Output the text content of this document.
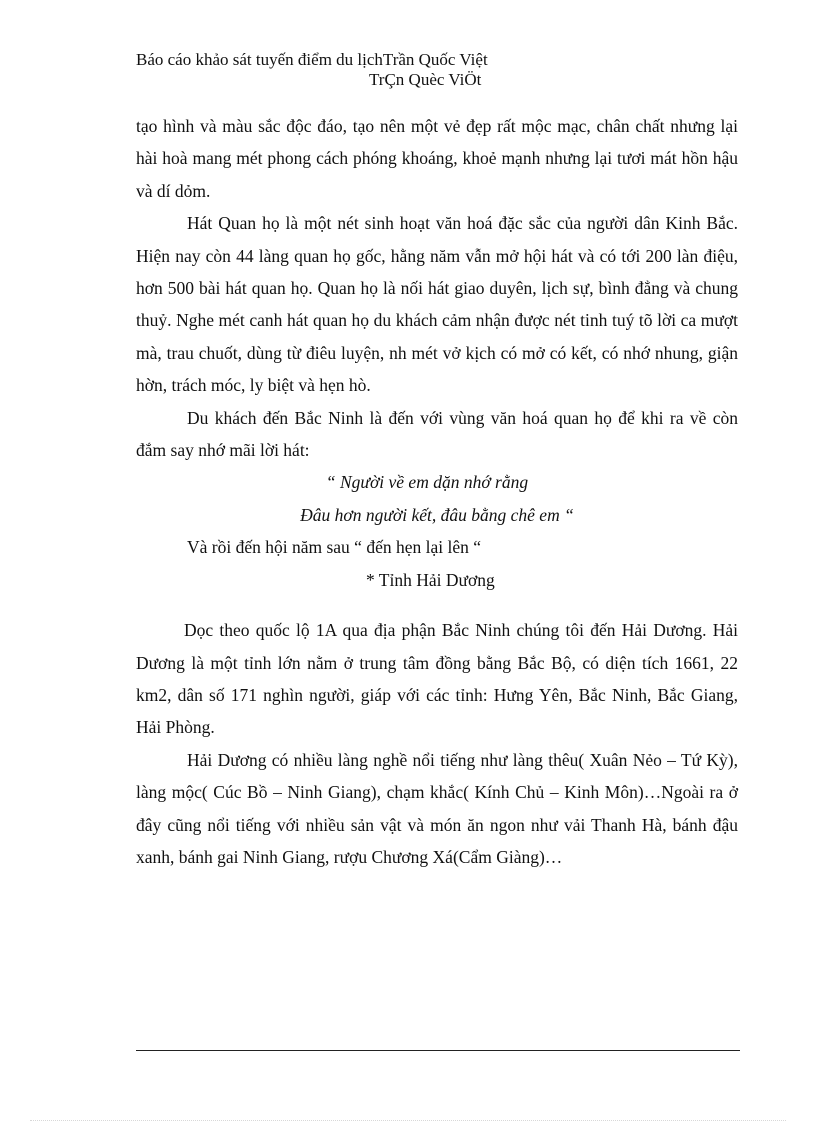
Báo cáo khảo sát tuyến điểm du lịchTrần Quốc Việt
TrÇn Quèc ViÖt

tạo hình và màu sắc độc đáo, tạo nên một vẻ đẹp rất mộc mạc, chân chất nhưng lại hài hoà mang mét phong cách phóng khoáng, khoẻ mạnh nhưng lại tươi mát hồn hậu và dí dỏm.

Hát Quan họ là một nét sinh hoạt văn hoá đặc sắc của người dân Kinh Bắc. Hiện nay còn 44 làng quan họ gốc, hằng năm vẫn mở hội hát và có tới 200 làn điệu, hơn 500 bài hát quan họ. Quan họ là nối hát giao duyên, lịch sự, bình đẳng và chung thuỷ. Nghe mét canh hát quan họ du khách cảm nhận được nét tinh tuý tõ lời ca mượt mà, trau chuốt, dùng từ điêu luyện, nh mét vở kịch có mở có kết, có nhớ nhung, giận hờn, trách móc, ly biệt và hẹn hò.

Du khách đến Bắc Ninh là đến với vùng văn hoá quan họ để khi ra về còn đắm say nhớ mãi lời hát:

“ Người về em dặn nhớ rằng

Đâu hơn người kết, đâu bằng chê em “

Và rồi đến hội năm sau “ đến hẹn lại lên “

* Tỉnh Hải Dương

Dọc theo quốc lộ 1A qua địa phận Bắc Ninh chúng tôi đến Hải Dương. Hải Dương là một tỉnh lớn nằm ở trung tâm đồng bằng Bắc Bộ, có diện tích 1661, 22 km2, dân số 171 nghìn người, giáp với các tỉnh: Hưng Yên, Bắc Ninh, Bắc Giang, Hải Phòng.

Hải Dương có nhiều làng nghề nổi tiếng như làng thêu( Xuân Nẻo – Tứ Kỳ), làng mộc( Cúc Bồ – Ninh Giang), chạm khắc( Kính Chủ – Kinh Môn)…Ngoài ra ở đây cũng nổi tiếng với nhiều sản vật và món ăn ngon như vải Thanh Hà, bánh đậu xanh, bánh gai Ninh Giang, rượu Chương Xá(Cẩm Giàng)…
